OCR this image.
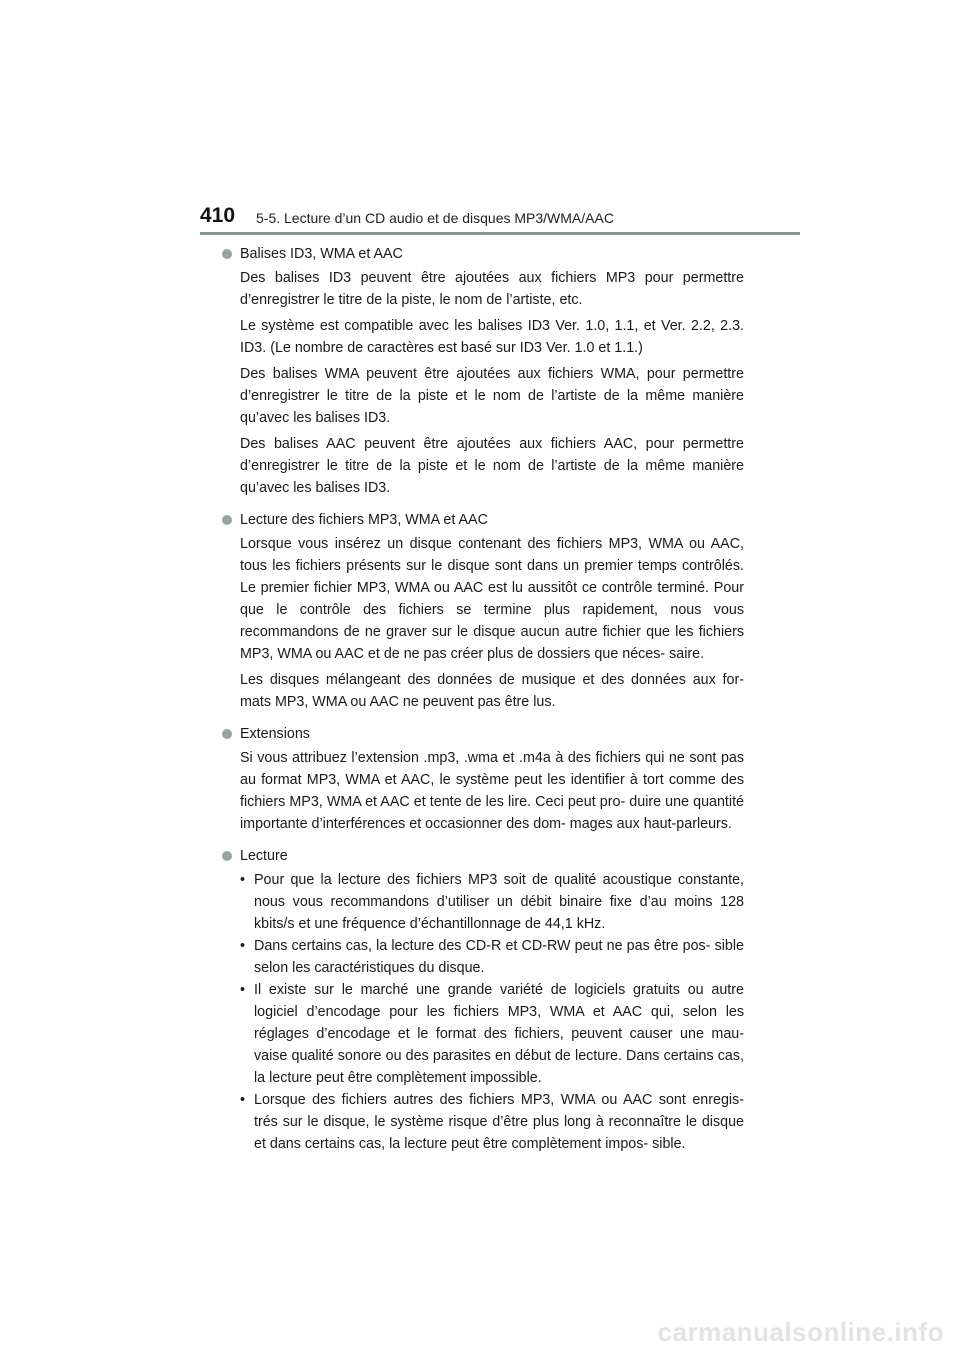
410 5-5. Lecture d’un CD audio et de disques MP3/WMA/AAC
Balises ID3, WMA et AAC

Des balises ID3 peuvent être ajoutées aux fichiers MP3 pour permettre d’enregistrer le titre de la piste, le nom de l’artiste, etc.

Le système est compatible avec les balises ID3 Ver. 1.0, 1.1, et Ver. 2.2, 2.3. ID3. (Le nombre de caractères est basé sur ID3 Ver. 1.0 et 1.1.)

Des balises WMA peuvent être ajoutées aux fichiers WMA, pour permettre d’enregistrer le titre de la piste et le nom de l’artiste de la même manière qu’avec les balises ID3.

Des balises AAC peuvent être ajoutées aux fichiers AAC, pour permettre d’enregistrer le titre de la piste et le nom de l’artiste de la même manière qu’avec les balises ID3.

Lecture des fichiers MP3, WMA et AAC

Lorsque vous insérez un disque contenant des fichiers MP3, WMA ou AAC, tous les fichiers présents sur le disque sont dans un premier temps contrôlés. Le premier fichier MP3, WMA ou AAC est lu aussitôt ce contrôle terminé. Pour que le contrôle des fichiers se termine plus rapidement, nous vous recommandons de ne graver sur le disque aucun autre fichier que les fichiers MP3, WMA ou AAC et de ne pas créer plus de dossiers que néces- saire.

Les disques mélangeant des données de musique et des données aux for- mats MP3, WMA ou AAC ne peuvent pas être lus.

Extensions

Si vous attribuez l’extension .mp3, .wma et .m4a à des fichiers qui ne sont pas au format MP3, WMA et AAC, le système peut les identifier à tort comme des fichiers MP3, WMA et AAC et tente de les lire. Ceci peut pro- duire une quantité importante d’interférences et occasionner des dom- mages aux haut-parleurs.

Lecture
• Pour que la lecture des fichiers MP3 soit de qualité acoustique constante, nous vous recommandons d’utiliser un débit binaire fixe d’au moins 128 kbits/s et une fréquence d’échantillonnage de 44,1 kHz.
• Dans certains cas, la lecture des CD-R et CD-RW peut ne pas être pos- sible selon les caractéristiques du disque.
• Il existe sur le marché une grande variété de logiciels gratuits ou autre logiciel d’encodage pour les fichiers MP3, WMA et AAC qui, selon les réglages d’encodage et le format des fichiers, peuvent causer une mau- vaise qualité sonore ou des parasites en début de lecture. Dans certains cas, la lecture peut être complètement impossible.
• Lorsque des fichiers autres des fichiers MP3, WMA ou AAC sont enregis- trés sur le disque, le système risque d’être plus long à reconnaître le disque et dans certains cas, la lecture peut être complètement impos- sible.
carmanualsonline.info
